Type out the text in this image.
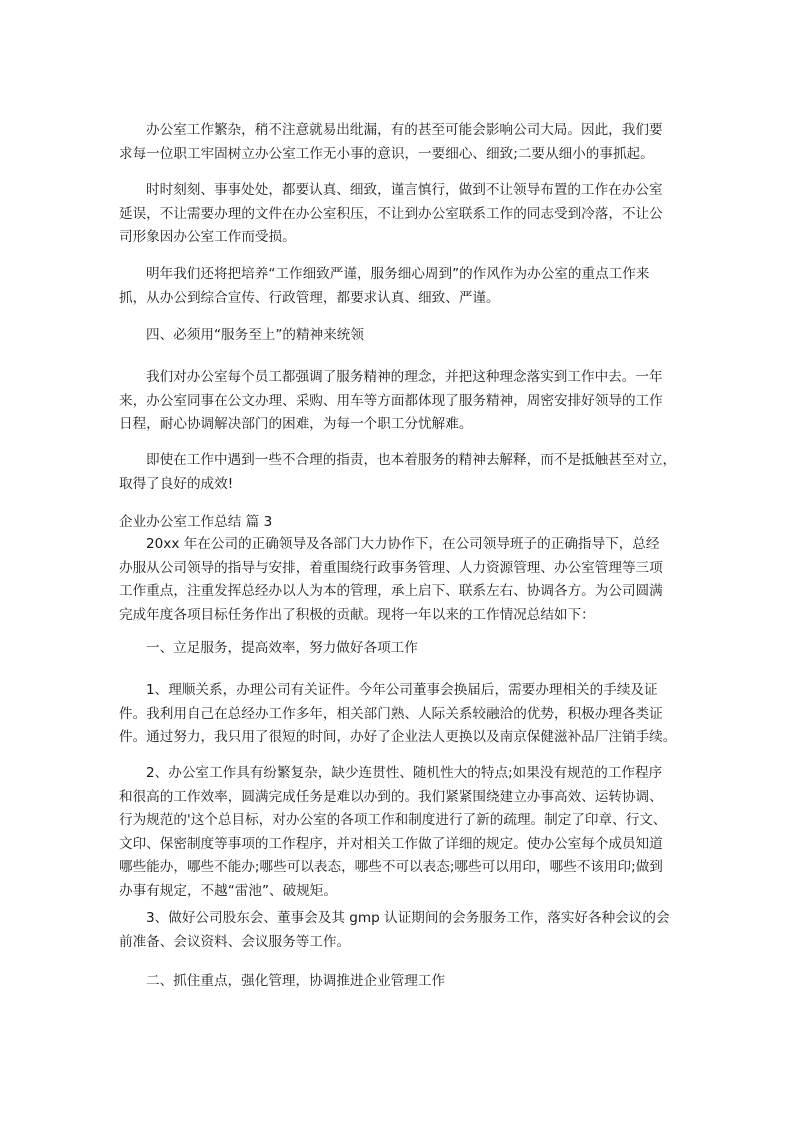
办公室工作繁杂，稍不注意就易出纰漏，有的甚至可能会影响公司大局。因此，我们要
求每一位职工牢固树立办公室工作无小事的意识，一要细心、细致;二要从细小的事抓起。
时时刻刻、事事处处，都要认真、细致，谨言慎行，做到不让领导布置的工作在办公室
延误，不让需要办理的文件在办公室积压，不让到办公室联系工作的同志受到冷落，不让公
司形象因办公室工作而受损。
明年我们还将把培养“工作细致严谨，服务细心周到”的作风作为办公室的重点工作来
抓，从办公到综合宣传、行政管理，都要求认真、细致、严谨。

四、必须用“服务至上”的精神来统领

我们对办公室每个员工都强调了服务精神的理念，并把这种理念落实到工作中去。一年
来，办公室同事在公文办理、采购、用车等方面都体现了服务精神，周密安排好领导的工作
日程，耐心协调解决部门的困难，为每一个职工分忧解难。
即使在工作中遇到一些不合理的指责，也本着服务的精神去解释，而不是抵触甚至对立，
取得了良好的成效!

企业办公室工作总结 篇 3

20xx 年在公司的正确领导及各部门大力协作下，在公司领导班子的正确指导下，总经
办服从公司领导的指导与安排，着重围绕行政事务管理、人力资源管理、办公室管理等三项
工作重点，注重发挥总经办以人为本的管理，承上启下、联系左右、协调各方。为公司圆满
完成年度各项目标任务作出了积极的贡献。现将一年以来的工作情况总结如下：

一、立足服务，提高效率，努力做好各项工作

1、理顺关系，办理公司有关证件。今年公司董事会换届后，需要办理相关的手续及证
件。我利用自己在总经办工作多年，相关部门熟、人际关系较融洽的优势，积极办理各类证
件。通过努力，我只用了很短的时间，办好了企业法人更换以及南京保健滋补品厂注销手续。
2、办公室工作具有纷繁复杂，缺少连贯性、随机性大的特点;如果没有规范的工作程序
和很高的工作效率，圆满完成任务是难以办到的。我们紧紧围绕建立办事高效、运转协调、
行为规范的'这个总目标，对办公室的各项工作和制度进行了新的疏理。制定了印章、行文、
文印、保密制度等事项的工作程序，并对相关工作做了详细的规定。使办公室每个成员知道
哪些能办，哪些不能办;哪些可以表态，哪些不可以表态;哪些可以用印，哪些不该用印;做到
办事有规定，不越“雷池”、破规矩。
3、做好公司股东会、董事会及其 gmp 认证期间的会务服务工作，落实好各种会议的会
前准备、会议资料、会议服务等工作。

二、抓住重点，强化管理，协调推进企业管理工作
